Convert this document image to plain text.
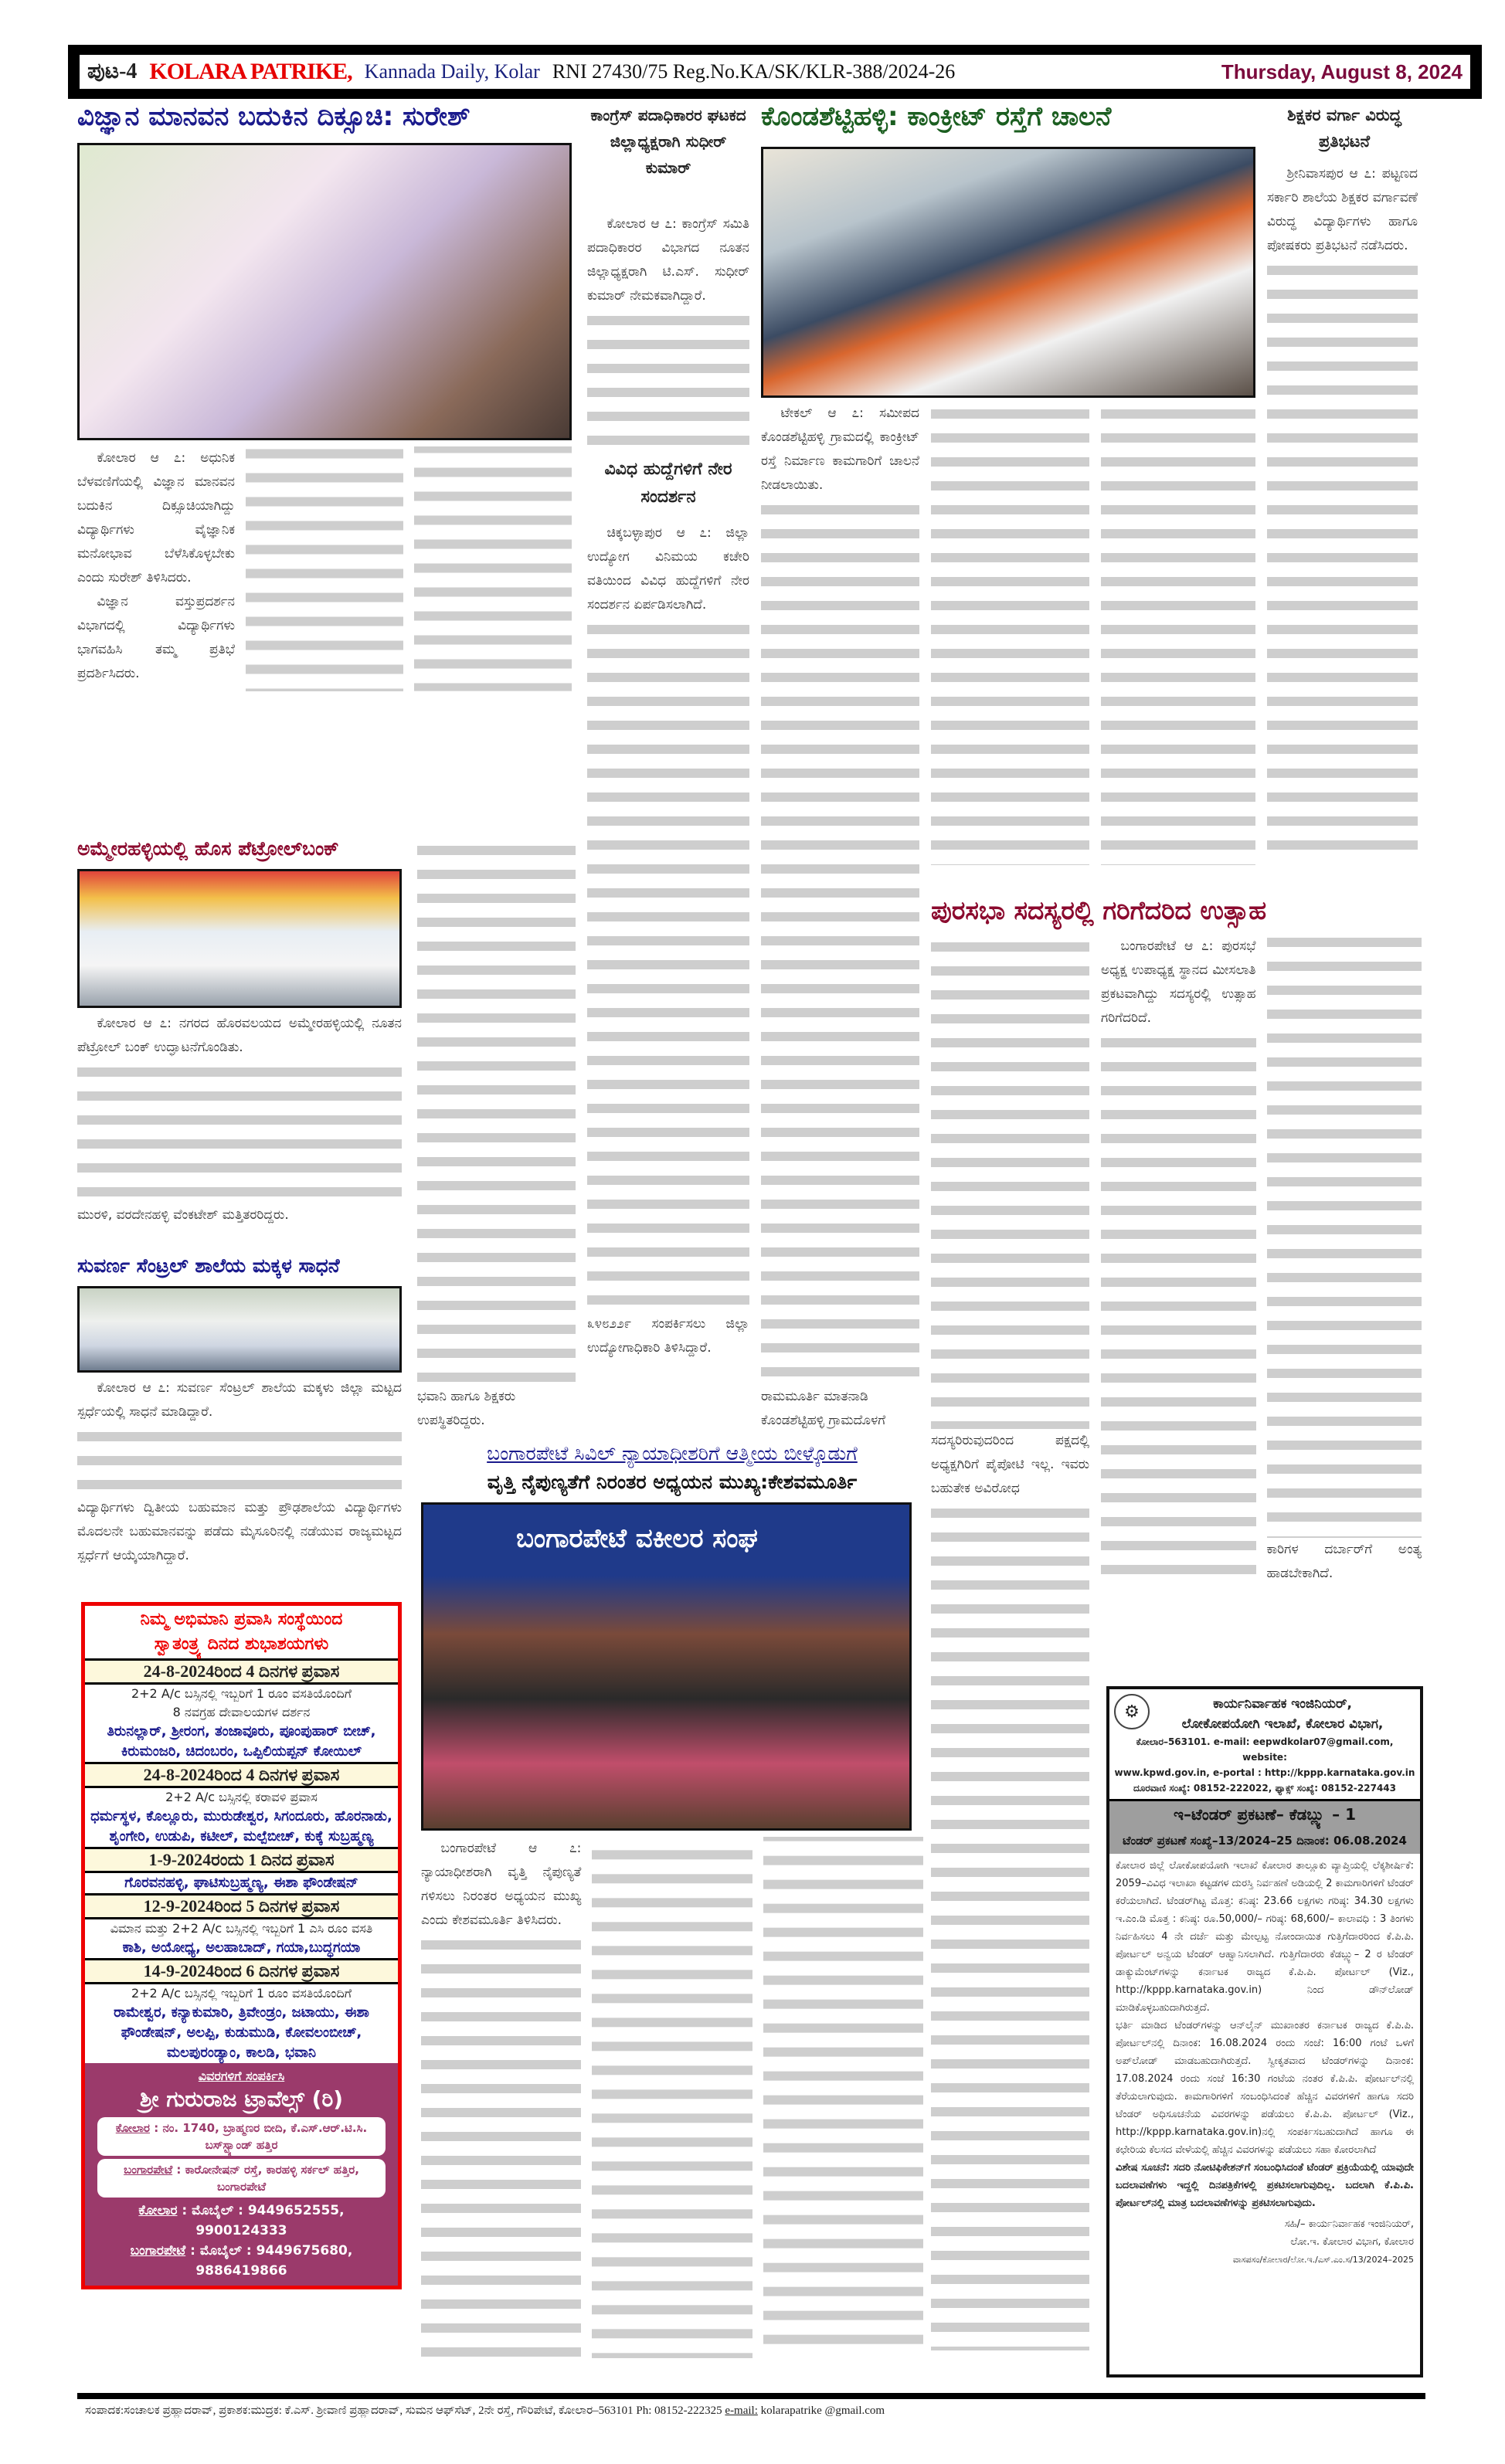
ಪುಟ-4 KOLARA PATRIKE, Kannada Daily, Kolar RNI 27430/75 Reg.No.KA/SK/KLR-388/2024-26	Thursday, August 8, 2024
ವಿಜ್ಞಾನ ಮಾನವನ ಬದುಕಿನ ದಿಕ್ಸೂಚಿ: ಸುರೇಶ್

ಕೋಲಾರ ಆ ೭: ಅಧುನಿಕ ಬೆಳವಣಿಗೆಯಲ್ಲಿ ವಿಜ್ಞಾನ ಮಾನವನ ಬದುಕಿನ ದಿಕ್ಸೂಚಿಯಾಗಿದ್ದು ವಿದ್ಯಾರ್ಥಿಗಳು ವೈಜ್ಞಾನಿಕ ಮನೋಭಾವ ಬೆಳೆಸಿಕೊಳ್ಳಬೇಕು ಎಂದು ಸುರೇಶ್ ತಿಳಿಸಿದರು.

ವಿಜ್ಞಾನ ವಸ್ತುಪ್ರದರ್ಶನ ವಿಭಾಗದಲ್ಲಿ ವಿದ್ಯಾರ್ಥಿಗಳು ಭಾಗವಹಿಸಿ ತಮ್ಮ ಪ್ರತಿಭೆ ಪ್ರದರ್ಶಿಸಿದರು.

ಅಮ್ಮೇರಹಳ್ಳಿಯಲ್ಲಿ ಹೊಸ ಪೆಟ್ರೋಲ್‌ಬಂಕ್

ಕೋಲಾರ ಆ ೭: ನಗರದ ಹೊರವಲಯದ ಅಮ್ಮೇರಹಳ್ಳಿಯಲ್ಲಿ ನೂತನ ಪೆಟ್ರೋಲ್ ಬಂಕ್ ಉದ್ಘಾಟನೆಗೊಂಡಿತು.

ಮುರಳಿ, ವರದೇನಹಳ್ಳಿ ವೆಂಕಟೇಶ್ ಮತ್ತಿತರರಿದ್ದರು.

ಸುವರ್ಣ ಸೆಂಟ್ರಲ್ ಶಾಲೆಯ ಮಕ್ಕಳ ಸಾಧನೆ

ಕೋಲಾರ ಆ ೭: ಸುವರ್ಣ ಸೆಂಟ್ರಲ್ ಶಾಲೆಯ ಮಕ್ಕಳು ಜಿಲ್ಲಾ ಮಟ್ಟದ ಸ್ಪರ್ಧೆಯಲ್ಲಿ ಸಾಧನೆ ಮಾಡಿದ್ದಾರೆ.

ವಿದ್ಯಾರ್ಥಿಗಳು ದ್ವಿತೀಯ ಬಹುಮಾನ ಮತ್ತು ಪ್ರೌಢಶಾಲೆಯ ವಿದ್ಯಾರ್ಥಿಗಳು ಮೊದಲನೇ ಬಹುಮಾನವನ್ನು ಪಡೆದು ಮೈಸೂರಿನಲ್ಲಿ ನಡೆಯುವ ರಾಜ್ಯಮಟ್ಟದ ಸ್ಪರ್ಧೆಗೆ ಆಯ್ಕೆಯಾಗಿದ್ದಾರೆ.

ಭವಾನಿ ಹಾಗೂ ಶಿಕ್ಷಕರು ಉಪಸ್ಥಿತರಿದ್ದರು.

ನಿಮ್ಮ ಅಭಿಮಾನಿ ಪ್ರವಾಸಿ ಸಂಸ್ಥೆಯಿಂದ
ಸ್ವಾತಂತ್ರ್ಯ ದಿನದ ಶುಭಾಶಯಗಳು
24-8-2024ರಿಂದ 4 ದಿನಗಳ ಪ್ರವಾಸ
2+2 A/c ಬಸ್ಸಿನಲ್ಲಿ ಇಬ್ಬರಿಗೆ 1 ರೂಂ ವಸತಿಯೊಂದಿಗೆ
8 ನವಗ್ರಹ ದೇವಾಲಯಗಳ ದರ್ಶನ
ತಿರುನಲ್ಲಾರ್, ಶ್ರೀರಂಗ, ತಂಜಾವೂರು, ಪೂಂಪುಹಾರ್ ಬೀಚ್, ಕಿರುಮಂಜರಿ, ಚಿದಂಬರಂ, ಒಪ್ಪಿಲಿಯಪ್ಪನ್ ಕೋಯಿಲ್
24-8-2024ರಿಂದ 4 ದಿನಗಳ ಪ್ರವಾಸ
2+2 A/c ಬಸ್ಸಿನಲ್ಲಿ ಕರಾವಳಿ ಪ್ರವಾಸ
ಧರ್ಮಸ್ಥಳ, ಕೊಲ್ಲೂರು, ಮುರುಡೇಶ್ವರ, ಸಿಗಂದೂರು, ಹೊರನಾಡು, ಶೃಂಗೇರಿ, ಉಡುಪಿ, ಕಟೀಲ್, ಮಲ್ಪೆಬೀಚ್, ಕುಕ್ಕೆ ಸುಬ್ರಹ್ಮಣ್ಯ
1-9-2024ರಂದು 1 ದಿನದ ಪ್ರವಾಸ
ಗೊರವನಹಳ್ಳಿ, ಘಾಟಿಸುಬ್ರಹ್ಮಣ್ಯ, ಈಶಾ ಫೌಂಡೇಷನ್
12-9-2024ರಿಂದ 5 ದಿನಗಳ ಪ್ರವಾಸ
ವಿಮಾನ ಮತ್ತು 2+2 A/c ಬಸ್ಸಿನಲ್ಲಿ ಇಬ್ಬರಿಗೆ 1 ಎಸಿ ರೂಂ ವಸತಿ
ಕಾಶಿ, ಅಯೋಧ್ಯ, ಅಲಹಾಬಾದ್, ಗಯಾ,ಬುದ್ಧಗಯಾ
14-9-2024ರಿಂದ 6 ದಿನಗಳ ಪ್ರವಾಸ
2+2 A/c ಬಸ್ಸಿನಲ್ಲಿ ಇಬ್ಬರಿಗೆ 1 ರೂಂ ವಸತಿಯೊಂದಿಗೆ
ರಾಮೇಶ್ವರ, ಕನ್ಯಾಕುಮಾರಿ, ತ್ರಿವೇಂಡ್ರಂ, ಜಟಾಯು, ಈಶಾ ಫೌಂಡೇಷನ್, ಅಲಪ್ಪಿ, ಕುಡುಮುಡಿ, ಕೋವಲಂಬೀಚ್, ಮಲಪುರಂಡ್ಯಾಂ, ಕಾಲಡಿ, ಭವಾನಿ
ವಿವರಗಳಿಗೆ ಸಂಪರ್ಕಿಸಿ
ಶ್ರೀ ಗುರುರಾಜ ಟ್ರಾವೆಲ್ಸ್ (ರಿ)
ಕೋಲಾರ : ನಂ. 1740, ಬ್ರಾಹ್ಮಣರ ಬೀದಿ, ಕೆ.ಎಸ್.ಆರ್.ಟಿ.ಸಿ. ಬಸ್‌ಸ್ಟ್ಯಾಂಡ್ ಹತ್ತಿರ
ಬಂಗಾರಪೇಟೆ : ಕಾರೋನೇಷನ್ ರಸ್ತೆ, ಕಾರಹಳ್ಳಿ ಸರ್ಕಲ್ ಹತ್ತಿರ, ಬಂಗಾರಪೇಟೆ
ಕೋಲಾರ : ಮೊಬೈಲ್ : 9449652555, 9900124333
ಬಂಗಾರಪೇಟೆ : ಮೊಬೈಲ್ : 9449675680, 9886419866
ಕಾಂಗ್ರೆಸ್ ಪದಾಧಿಕಾರರ ಘಟಕದ ಜಿಲ್ಲಾಧ್ಯಕ್ಷರಾಗಿ ಸುಧೀರ್ ಕುಮಾರ್

ಕೋಲಾರ ಆ ೭: ಕಾಂಗ್ರೆಸ್ ಸಮಿತಿ ಪದಾಧಿಕಾರರ ವಿಭಾಗದ ನೂತನ ಜಿಲ್ಲಾಧ್ಯಕ್ಷರಾಗಿ ಟಿ.ಎಸ್. ಸುಧೀರ್ ಕುಮಾರ್ ನೇಮಕವಾಗಿದ್ದಾರೆ.

ವಿವಿಧ ಹುದ್ದೆಗಳಿಗೆ ನೇರ ಸಂದರ್ಶನ

ಚಿಕ್ಕಬಳ್ಳಾಪುರ ಆ ೭: ಜಿಲ್ಲಾ ಉದ್ಯೋಗ ವಿನಿಮಯ ಕಚೇರಿ ವತಿಯಿಂದ ವಿವಿಧ ಹುದ್ದೆಗಳಿಗೆ ನೇರ ಸಂದರ್ಶನ ಏರ್ಪಡಿಸಲಾಗಿದೆ.

೩೪೮೨೨೯ ಸಂಪರ್ಕಿಸಲು ಜಿಲ್ಲಾ ಉದ್ಯೋಗಾಧಿಕಾರಿ ತಿಳಿಸಿದ್ದಾರೆ.

ಕೊಂಡಶೆಟ್ಟಿಹಳ್ಳಿ: ಕಾಂಕ್ರೀಟ್ ರಸ್ತೆಗೆ ಚಾಲನೆ

ಟೇಕಲ್ ಆ ೭: ಸಮೀಪದ ಕೊಂಡಶೆಟ್ಟಿಹಳ್ಳಿ ಗ್ರಾಮದಲ್ಲಿ ಕಾಂಕ್ರೀಟ್ ರಸ್ತೆ ನಿರ್ಮಾಣ ಕಾಮಗಾರಿಗೆ ಚಾಲನೆ ನೀಡಲಾಯಿತು.

ರಾಮಮೂರ್ತಿ ಮಾತನಾಡಿ ಕೊಂಡಶೆಟ್ಟಿಹಳ್ಳಿ ಗ್ರಾಮದೊಳಗೆ

ಶಿಕ್ಷಕರ ವರ್ಗಾ ವಿರುದ್ಧ ಪ್ರತಿಭಟನೆ

ಶ್ರೀನಿವಾಸಪುರ ಆ ೭: ಪಟ್ಟಣದ ಸರ್ಕಾರಿ ಶಾಲೆಯ ಶಿಕ್ಷಕರ ವರ್ಗಾವಣೆ ವಿರುದ್ಧ ವಿದ್ಯಾರ್ಥಿಗಳು ಹಾಗೂ ಪೋಷಕರು ಪ್ರತಿಭಟನೆ ನಡೆಸಿದರು.

ಪುರಸಭಾ ಸದಸ್ಯರಲ್ಲಿ ಗರಿಗೆದರಿದ ಉತ್ಸಾಹ

ಬಂಗಾರಪೇಟೆ ಆ ೭: ಪುರಸಭೆ ಅಧ್ಯಕ್ಷ ಉಪಾಧ್ಯಕ್ಷ ಸ್ಥಾನದ ಮೀಸಲಾತಿ ಪ್ರಕಟವಾಗಿದ್ದು ಸದಸ್ಯರಲ್ಲಿ ಉತ್ಸಾಹ ಗರಿಗೆದರಿದೆ.

ಕಾರಿಗಳ ದರ್ಬಾರ್‌ಗೆ ಅಂತ್ಯ ಹಾಡಬೇಕಾಗಿದೆ.

ಸದಸ್ಯರಿರುವುದರಿಂದ ಪಕ್ಷದಲ್ಲಿ ಅಧ್ಯಕ್ಷಗಿರಿಗೆ ಪೈಪೋಟಿ ಇಲ್ಲ. ಇವರು ಬಹುತೇಕ ಅವಿರೋಧ

ಬಂಗಾರಪೇಟೆ ಸಿವಿಲ್ ನ್ಯಾಯಾಧೀಶರಿಗೆ ಆತ್ಮೀಯ ಬೀಳ್ಕೊಡುಗೆ
ವೃತ್ತಿ ನೈಪುಣ್ಯತೆಗೆ ನಿರಂತರ ಅಧ್ಯಯನ ಮುಖ್ಯ:ಕೇಶವಮೂರ್ತಿ
ಬಂಗಾರಪೇಟೆ ವಕೀಲರ ಸಂಘ

ಬಂಗಾರಪೇಟೆ ಆ ೭: ನ್ಯಾಯಾಧೀಶರಾಗಿ ವೃತ್ತಿ ನೈಪುಣ್ಯತೆ ಗಳಿಸಲು ನಿರಂತರ ಅಧ್ಯಯನ ಮುಖ್ಯ ಎಂದು ಕೇಶವಮೂರ್ತಿ ತಿಳಿಸಿದರು.

⚙	ಕಾರ್ಯನಿರ್ವಾಹಕ ಇಂಜಿನಿಯರ್,
ಲೋಕೋಪಯೋಗಿ ಇಲಾಖೆ, ಕೋಲಾರ ವಿಭಾಗ,
ಕೋಲಾರ–563101. e-mail: eepwdkolar07@gmail.com, website:
www.kpwd.gov.in, e-portal : http://kppp.karnataka.gov.in
ದೂರವಾಣಿ ಸಂಖ್ಯೆ: 08152-222022, ಫ್ಯಾಕ್ಸ್ ಸಂಖ್ಯೆ: 08152-227443
ಇ–ಟೆಂಡರ್ ಪ್ರಕಟಣೆ– ಕೆಡಬ್ಲ್ಯು – 1
ಟೆಂಡರ್ ಪ್ರಕಟಣೆ ಸಂಖ್ಯೆ–13/2024–25 ದಿನಾಂಕ: 06.08.2024

ಕೋಲಾರ ಜಿಲ್ಲೆ ಲೋಕೋಪಯೋಗಿ ಇಲಾಖೆ ಕೋಲಾರ ತಾಲ್ಲೂಕು ವ್ಯಾಪ್ತಿಯಲ್ಲಿ ಲೆಕ್ಕಶೀರ್ಷಿಕೆ: 2059–ವಿವಿಧ ಇಲಾಖಾ ಕಟ್ಟಡಗಳ ದುರಸ್ತಿ ನಿರ್ವಹಣೆ ಅಡಿಯಲ್ಲಿ 2 ಕಾಮಗಾರಿಗಳಿಗೆ ಟೆಂಡರ್ ಕರೆಯಲಾಗಿದೆ. ಟೆಂಡರ್‌ಗಿಟ್ಟ ಮೊತ್ತ: ಕನಿಷ್ಠ: 23.66 ಲಕ್ಷಗಳು ಗರಿಷ್ಠ: 34.30 ಲಕ್ಷಗಳು ಇ.ಎಂ.ಡಿ ಮೊತ್ತ : ಕನಿಷ್ಠ: ರೂ.50,000/– ಗರಿಷ್ಠ: 68,600/– ಕಾಲಾವಧಿ : 3 ತಿಂಗಳು ನಿರ್ವಹಿಸಲು 4 ನೇ ದರ್ಜೆ ಮತ್ತು ಮೇಲ್ಪಟ್ಟ ನೋಂದಾಯಿತ ಗುತ್ತಿಗೆದಾರರಿಂದ ಕೆ.ಪಿ.ಪಿ. ಪೋರ್ಟಲ್ ಅನ್ವಯ ಟೆಂಡರ್ ಆಹ್ವಾನಿಸಲಾಗಿದೆ. ಗುತ್ತಿಗೆದಾರರು ಕೆಡಬ್ಲ್ಯು– 2 ರ ಟೆಂಡರ್ ಡಾಕ್ಯುಮೆಂಟ್‌ಗಳನ್ನು ಕರ್ನಾಟಕ ರಾಜ್ಯದ ಕೆ.ಪಿ.ಪಿ. ಪೋರ್ಟಲ್ (Viz., http://kppp.karnataka.gov.in) ನಿಂದ ಡೌನ್‌ಲೋಡ್ ಮಾಡಿಕೊಳ್ಳಬಹುದಾಗಿರುತ್ತದೆ.

ಭರ್ತಿ ಮಾಡಿದ ಟೆಂಡರ್‌ಗಳನ್ನು ಆನ್‌ಲೈನ್ ಮುಖಾಂತರ ಕರ್ನಾಟಕ ರಾಜ್ಯದ ಕೆ.ಪಿ.ಪಿ. ಪೋರ್ಟಲ್‌ನಲ್ಲಿ ದಿನಾಂಕ: 16.08.2024 ರಂದು ಸಂಜೆ: 16:00 ಗಂಟೆ ಒಳಗೆ ಅಪ್‌ಲೋಡ್ ಮಾಡಬಹುದಾಗಿರುತ್ತದೆ. ಸ್ವೀಕೃತವಾದ ಟೆಂಡರ್‌ಗಳನ್ನು ದಿನಾಂಕ: 17.08.2024 ರಂದು ಸಂಜೆ 16:30 ಗಂಟೆಯ ನಂತರ ಕೆ.ಪಿ.ಪಿ. ಪೋರ್ಟಲ್‌ನಲ್ಲಿ ತೆರೆಯಲಾಗುವುದು. ಕಾಮಗಾರಿಗಳಿಗೆ ಸಂಬಂಧಿಸಿದಂತೆ ಹೆಚ್ಚಿನ ವಿವರಗಳಿಗೆ ಹಾಗೂ ಸದರಿ ಟೆಂಡರ್ ಅಧಿಸೂಚನೆಯ ವಿವರಗಳನ್ನು ಪಡೆಯಲು ಕೆ.ಪಿ.ಪಿ. ಪೋರ್ಟಲ್ (Viz., http://kppp.karnataka.gov.in)ನಲ್ಲಿ ಸಂಪರ್ಕಿಸಬಹುದಾಗಿದೆ ಹಾಗೂ ಈ ಕಛೇರಿಯ ಕೆಲಸದ ವೇಳೆಯಲ್ಲಿ ಹೆಚ್ಚಿನ ವಿವರಗಳನ್ನು ಪಡೆಯಲು ಸಹಾ ಕೋರಲಾಗಿದೆ

ವಿಶೇಷ ಸೂಚನೆ: ಸದರಿ ನೋಟಿಫಿಕೇಶನ್‌ಗೆ ಸಂಬಂಧಿಸಿದಂತೆ ಟೆಂಡರ್ ಪ್ರಕ್ರಿಯೆಯಲ್ಲಿ ಯಾವುದೇ ಬದಲಾವಣೆಗಳು ಇದ್ದಲ್ಲಿ ದಿನಪತ್ರಿಕೆಗಳಲ್ಲಿ ಪ್ರಕಟಿಸಲಾಗುವುದಿಲ್ಲ. ಬದಲಾಗಿ ಕೆ.ಪಿ.ಪಿ. ಪೋರ್ಟಲ್‌ನಲ್ಲಿ ಮಾತ್ರ ಬದಲಾವಣೆಗಳನ್ನು ಪ್ರಕಟಿಸಲಾಗುವುದು.

ಸಹಿ/– ಕಾರ್ಯನಿರ್ವಾಹಕ ಇಂಜಿನಿಯರ್,
ಲೋ.ಇ. ಕೋಲಾರ ವಿಭಾಗ, ಕೋಲಾರ
ವಾಸಪಸಂ/ಕೋಲಾರ/ಲೋ.ಇ./ಎಸ್.ಎಂ.ಸ/13/2024–2025
ಸಂಪಾದಕ:ಸಂಚಾಲಕ ಪ್ರಹ್ಲಾದರಾವ್, ಪ್ರಕಾಶಕ:ಮುದ್ರಕ: ಕೆ.ಎಸ್. ಶ್ರೀವಾಣಿ ಪ್ರಹ್ಲಾದರಾವ್, ಸುಮನ ಆಫ್‌ಸೆಟ್, 2ನೇ ರಸ್ತೆ, ಗೌರಿಪೇಟೆ, ಕೋಲಾರ–563101 Ph: 08152-222325 e-mail: kolarapatrike @gmail.com
